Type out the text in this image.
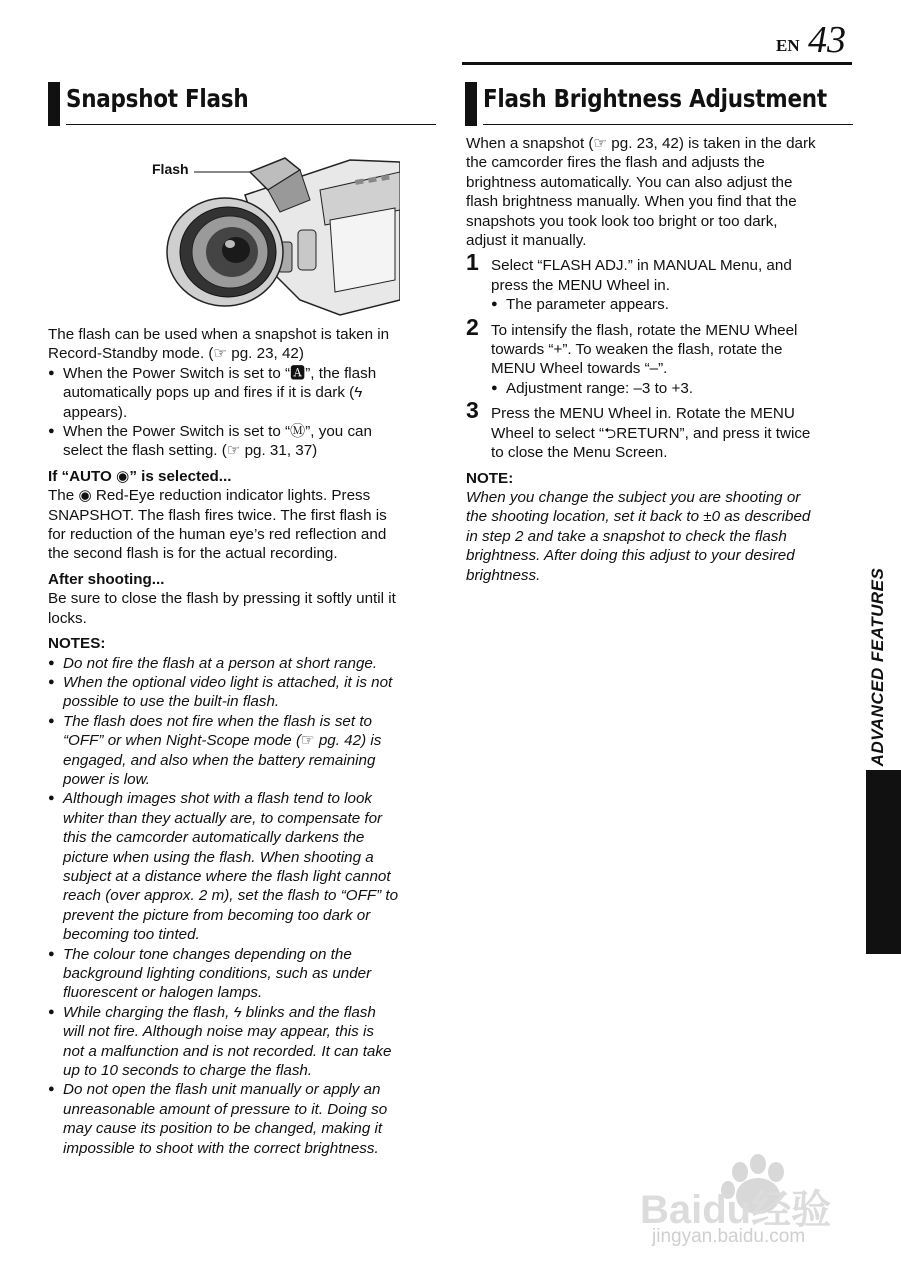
EN 43
Snapshot Flash	Flash Brightness Adjustment
Flash

The flash can be used when a snapshot is taken in

Record-Standby mode. (☞ pg. 23, 42)

● When the Power Switch is set to “🅰”, the flash
automatically pops up and fires if it is dark (ϟ
appears).
● When the Power Switch is set to “Ⓜ”, you can
select the flash setting. (☞ pg. 31, 37)

If “AUTO ◉” is selected...

The ◉ Red-Eye reduction indicator lights. Press

SNAPSHOT. The flash fires twice. The first flash is

for reduction of the human eye’s red reflection and

the second flash is for the actual recording.

After shooting...

Be sure to close the flash by pressing it softly until it

locks.

NOTES:

● Do not fire the flash at a person at short range.
● When the optional video light is attached, it is not
possible to use the built-in flash.
● The flash does not fire when the flash is set to
“OFF” or when Night-Scope mode (☞ pg. 42) is
engaged, and also when the battery remaining
power is low.
● Although images shot with a flash tend to look
whiter than they actually are, to compensate for
this the camcorder automatically darkens the
picture when using the flash. When shooting a
subject at a distance where the flash light cannot
reach (over approx. 2 m), set the flash to “OFF” to
prevent the picture from becoming too dark or
becoming too tinted.
● The colour tone changes depending on the
background lighting conditions, such as under
fluorescent or halogen lamps.
● While charging the flash, ϟ blinks and the flash
will not fire. Although noise may appear, this is
not a malfunction and is not recorded. It can take
up to 10 seconds to charge the flash.
● Do not open the flash unit manually or apply an
unreasonable amount of pressure to it. Doing so
may cause its position to be changed, making it
impossible to shoot with the correct brightness.

When a snapshot (☞ pg. 23, 42) is taken in the dark

the camcorder fires the flash and adjusts the

brightness automatically. You can also adjust the

flash brightness manually. When you find that the

snapshots you took look too bright or too dark,

adjust it manually.

1 Select “FLASH ADJ.” in MANUAL Menu, and
press the MENU Wheel in.
● The parameter appears.
2 To intensify the flash, rotate the MENU Wheel
towards “+”. To weaken the flash, rotate the
MENU Wheel towards “–”.
● Adjustment range: –3 to +3.
3 Press the MENU Wheel in. Rotate the MENU
Wheel to select “⮌RETURN”, and press it twice
to close the Menu Screen.

NOTE:

When you change the subject you are shooting or

the shooting location, set it back to ±0 as described

in step 2 and take a snapshot to check the flash

brightness. After doing this adjust to your desired

brightness.	ADVANCED FEATURES
Baidu经验
jingyan.baidu.com
